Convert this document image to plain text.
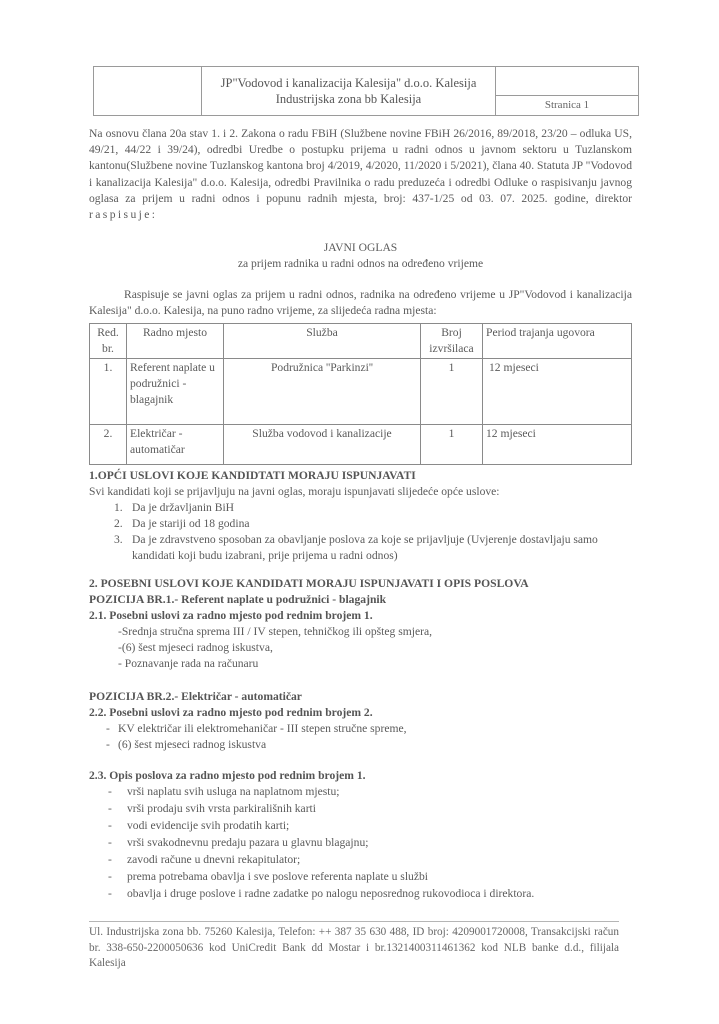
JP"Vodovod i kanalizacija Kalesija" d.o.o. Kalesija
Industrijska zona bb Kalesija	Stranica 1
Na osnovu člana 20a stav 1. i 2. Zakona o radu FBiH (Službene novine FBiH 26/2016, 89/2018, 23/20 – odluka US, 49/21, 44/22 i 39/24), odredbi Uredbe o postupku prijema u radni odnos u javnom sektoru u Tuzlanskom kantonu(Službene novine Tuzlanskog kantona broj 4/2019, 4/2020, 11/2020 i 5/2021), člana 40. Statuta JP "Vodovod i kanalizacija Kalesija" d.o.o. Kalesija, odredbi Pravilnika o radu preduzeća i odredbi Odluke o raspisivanju javnog oglasa za prijem u radni odnos i popunu radnih mjesta, broj: 437-1/25 od 03. 07. 2025. godine, direktor raspisuje:
JAVNI OGLAS
za prijem radnika u radni odnos na određeno vrijeme
Raspisuje se javni oglas za prijem u radni odnos, radnika na određeno vrijeme u JP"Vodovod i kanalizacija Kalesija" d.o.o. Kalesija, na puno radno vrijeme, za slijedeća radna mjesta:
Red. br.	Radno mjesto	Služba	Broj izvršilaca	Period trajanja ugovora
1.	Referent naplate u podružnici - blagajnik	Podružnica ''Parkinzi''	1	12 mjeseci
2.	Električar - automatičar	Služba vodovod i kanalizacije	1	12 mjeseci
1.OPĆI USLOVI KOJE KANDIDTATI MORAJU ISPUNJAVATI
Svi kandidati koji se prijavljuju na javni oglas, moraju ispunjavati slijedeće opće uslove:
1. Da je državljanin BiH
2. Da je stariji od 18 godina
3. Da je zdravstveno sposoban za obavljanje poslova za koje se prijavljuje (Uvjerenje dostavljaju samo kandidati koji budu izabrani, prije prijema u radni odnos)
2. POSEBNI USLOVI KOJE KANDIDATI MORAJU ISPUNJAVATI I OPIS POSLOVA
POZICIJA BR.1.- Referent naplate u podružnici - blagajnik
2.1. Posebni uslovi za radno mjesto pod rednim brojem 1.
-Srednja stručna sprema III / IV stepen, tehničkog ili opšteg smjera,
-(6) šest mjeseci radnog iskustva,
- Poznavanje rada na računaru
POZICIJA BR.2.- Električar - automatičar
2.2. Posebni uslovi za radno mjesto pod rednim brojem 2.
- KV električar ili elektromehaničar - III stepen stručne spreme,
- (6) šest mjeseci radnog iskustva
2.3. Opis poslova za radno mjesto pod rednim brojem 1.
- vrši naplatu svih usluga na naplatnom mjestu;
- vrši prodaju svih vrsta parkirališnih karti
- vodi evidencije svih prodatih karti;
- vrši svakodnevnu predaju pazara u glavnu blagajnu;
- zavodi račune u dnevni rekapitulator;
- prema potrebama obavlja i sve poslove referenta naplate u službi
- obavlja i druge poslove i radne zadatke po nalogu neposrednog rukovodioca i direktora.
Ul. Industrijska zona bb. 75260 Kalesija, Telefon: ++ 387 35 630 488, ID broj: 4209001720008, Transakcijski račun br. 338-650-2200050636 kod UniCredit Bank dd Mostar i br.1321400311461362 kod NLB banke d.d., filijala Kalesija
